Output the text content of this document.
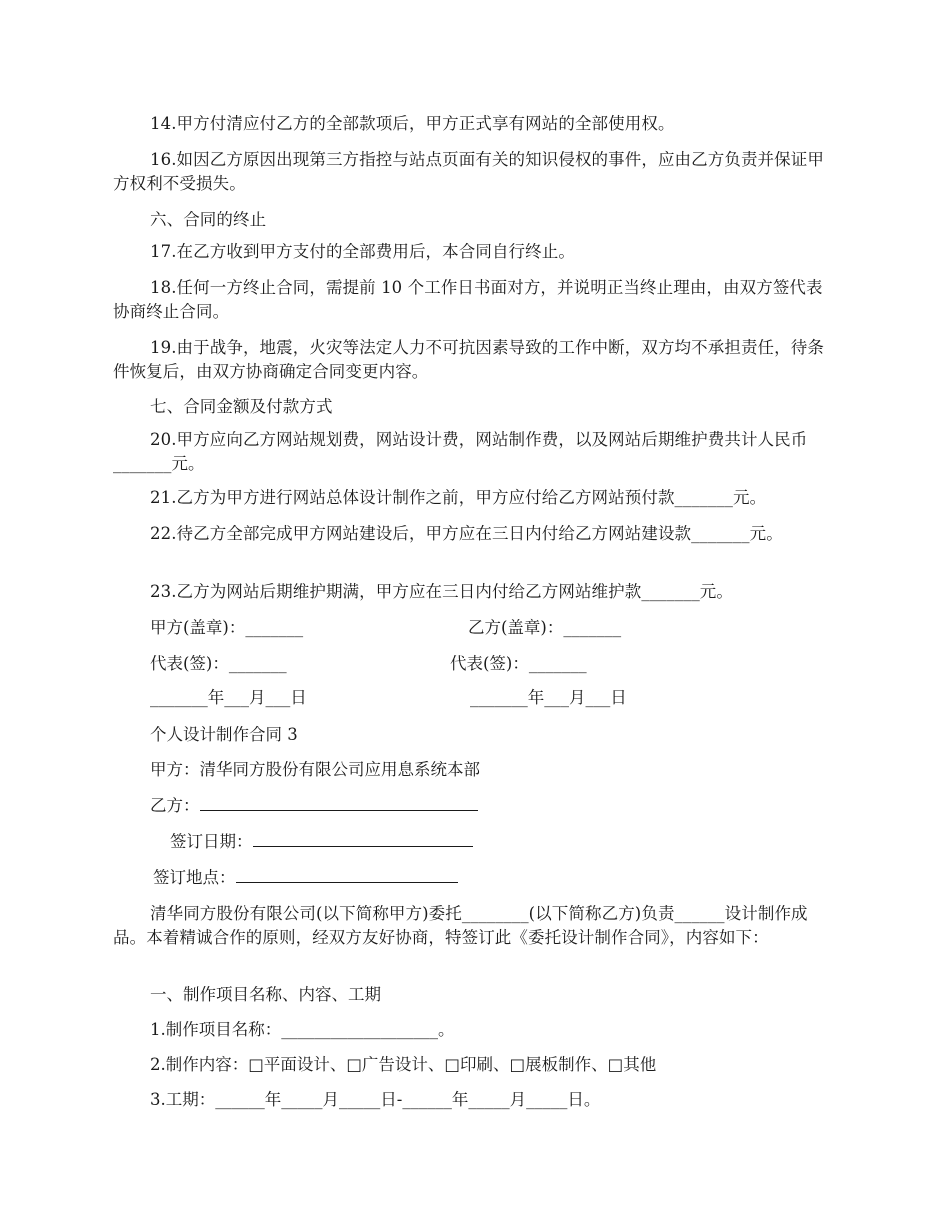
14.甲方付清应付乙方的全部款项后，甲方正式享有网站的全部使用权。

16.如因乙方原因出现第三方指控与站点页面有关的知识侵权的事件，应由乙方负责并保证甲方权利不受损失。

六、合同的终止

17.在乙方收到甲方支付的全部费用后，本合同自行终止。

18.任何一方终止合同，需提前 10 个工作日书面对方，并说明正当终止理由，由双方签代表协商终止合同。

19.由于战争，地震，火灾等法定人力不可抗因素导致的工作中断，双方均不承担责任，待条件恢复后，由双方协商确定合同变更内容。

七、合同金额及付款方式

20.甲方应向乙方网站规划费，网站设计费，网站制作费，以及网站后期维护费共计人民币_______元。

21.乙方为甲方进行网站总体设计制作之前，甲方应付给乙方网站预付款_______元。

22.待乙方全部完成甲方网站建设后，甲方应在三日内付给乙方网站建设款_______元。

23.乙方为网站后期维护期满，甲方应在三日内付给乙方网站维护款_______元。

甲方(盖章)：_______	乙方(盖章)：_______
代表(签)：_______	代表(签)：_______
_______年___月___日	_______年___月___日
个人设计制作合同 3
甲方：清华同方股份有限公司应用息系统本部
乙方：
签订日期：
签订地点：

清华同方股份有限公司(以下简称甲方)委托________(以下简称乙方)负责______设计制作成品。本着精诚合作的原则，经双方友好协商，特签订此《委托设计制作合同》，内容如下：

一、制作项目名称、内容、工期
1.制作项目名称：___________________。
2.制作内容：□平面设计、□广告设计、□印刷、□展板制作、□其他
3.工期：______年_____月_____日-______年_____月_____日。
